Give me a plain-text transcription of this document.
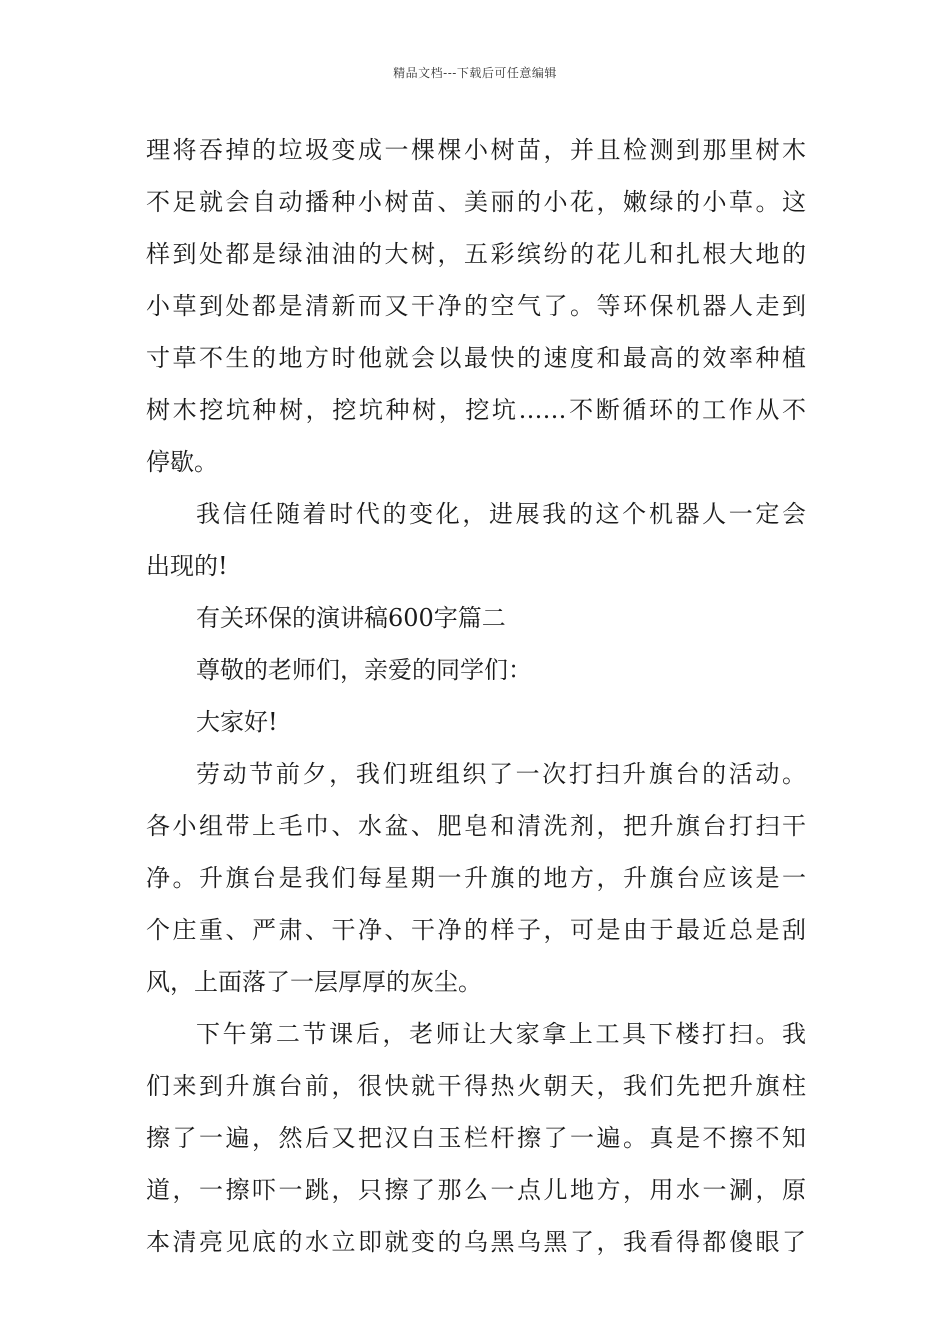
精品文档---下载后可任意编辑
理将吞掉的垃圾变成一棵棵小树苗，并且检测到那里树木
不足就会自动播种小树苗、美丽的小花，嫩绿的小草。这
样到处都是绿油油的大树，五彩缤纷的花儿和扎根大地的
小草到处都是清新而又干净的空气了。等环保机器人走到
寸草不生的地方时他就会以最快的速度和最高的效率种植
树木挖坑种树，挖坑种树，挖坑……不断循环的工作从不
停歇。
我信任随着时代的变化，进展我的这个机器人一定会
出现的!
有关环保的演讲稿600字篇二
尊敬的老师们，亲爱的同学们：
大家好!
劳动节前夕，我们班组织了一次打扫升旗台的活动。
各小组带上毛巾、水盆、肥皂和清洗剂，把升旗台打扫干
净。升旗台是我们每星期一升旗的地方，升旗台应该是一
个庄重、严肃、干净、干净的样子，可是由于最近总是刮
风，上面落了一层厚厚的灰尘。
下午第二节课后，老师让大家拿上工具下楼打扫。我
们来到升旗台前，很快就干得热火朝天，我们先把升旗柱
擦了一遍，然后又把汉白玉栏杆擦了一遍。真是不擦不知
道，一擦吓一跳，只擦了那么一点儿地方，用水一涮，原
本清亮见底的水立即就变的乌黑乌黑了，我看得都傻眼了
